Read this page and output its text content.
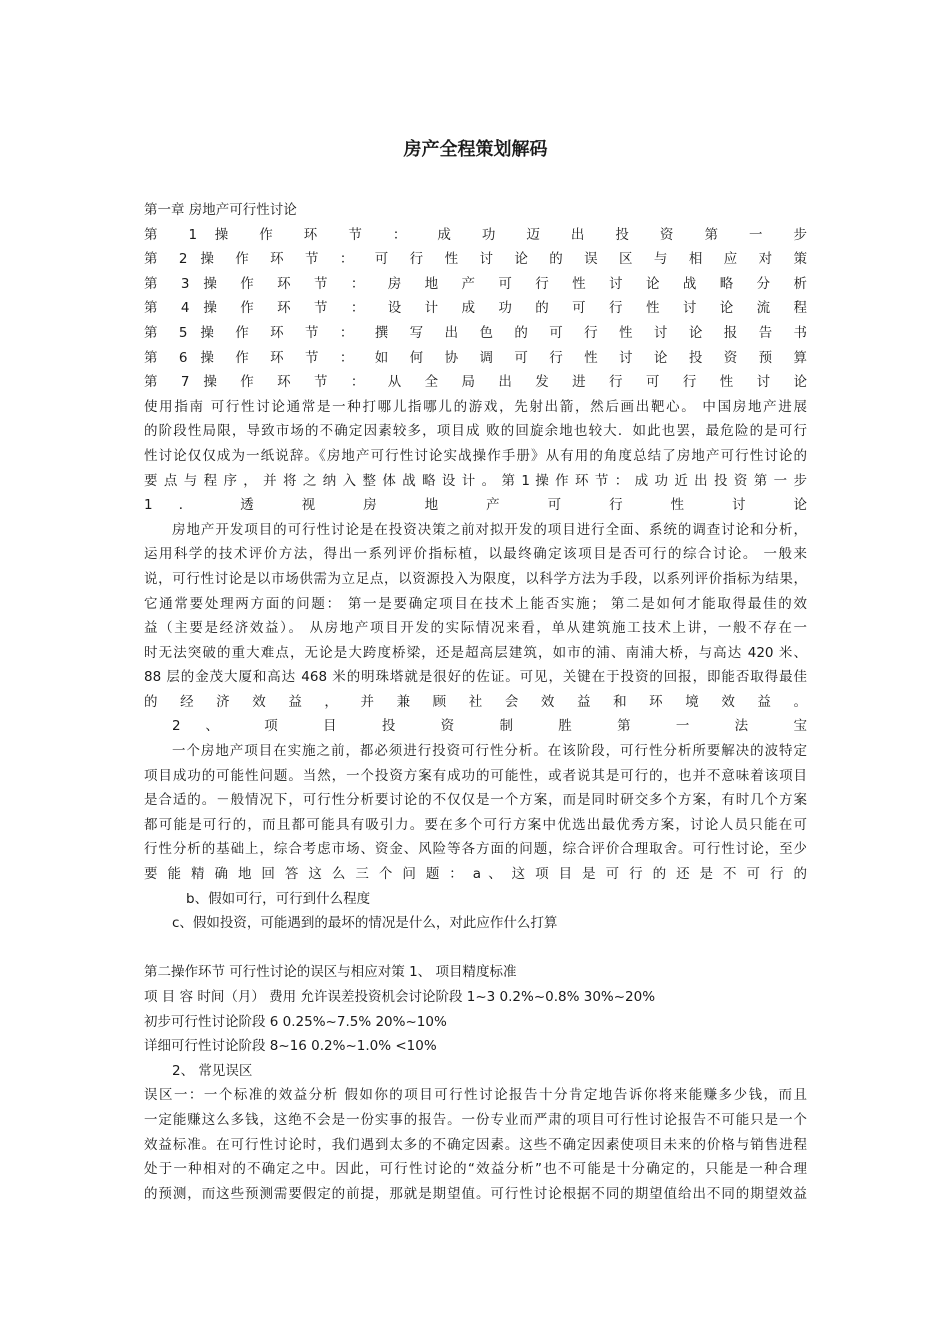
房产全程策划解码
第一章 房地产可行性讨论
第 1 操 作 环 节 ： 成 功 迈 出 投 资 第 一 步
第 2 操 作 环 节 ： 可 行 性 讨 论 的 误 区 与 相 应 对 策
第 3 操 作 环 节 ： 房 地 产 可 行 性 讨 论 战 略 分 析
第 4 操 作 环 节 ： 设 计 成 功 的 可 行 性 讨 论 流 程
第 5 操 作 环 节 ： 撰 写 出 色 的 可 行 性 讨 论 报 告 书
第 6 操 作 环 节 ： 如 何 协 调 可 行 性 讨 论 投 资 预 算
第 7 操 作 环 节 ： 从 全 局 出 发 进 行 可 行 性 讨 论
使用指南 可行性讨论通常是一种打哪儿指哪儿的游戏，先射出箭，然后画出靶心。 中国房地产进展
的阶段性局限，导致市场的不确定因素较多，项目成 败的回旋余地也较大．如此也罢，最危险的是可行
性讨论仅仅成为一纸说辞。《房地产可行性讨论实战操作手册》从有用的角度总结了房地产可行性讨论的
要 点 与 程 序 ， 并 将 之 纳 入 整 体 战 略 设 计 。 第 1 操 作 环 节 ： 成 功 近 出 投 资 第 一 步
1 ． 透 视 房 地 产 可 行 性 讨 论
房地产开发项目的可行性讨论是在投资决策之前对拟开发的项目进行全面、系统的调查讨论和分析，
运用科学的技术评价方法，得出一系列评价指标植，以最终确定该项目是否可行的综合讨论。 一般来
说，可行性讨论是以市场供需为立足点，以资源投入为限度，以科学方法为手段，以系列评价指标为结果，
它通常要处理两方面的问题： 第一是要确定项目在技术上能否实施； 第二是如何才能取得最佳的效
益（主要是经济效益）。 从房地产项目开发的实际情况来看，单从建筑施工技术上讲，一般不存在一
时无法突破的重大难点，无论是大跨度桥梁，还是超高层建筑，如市的浦、南浦大桥，与高达 420 米、
88 层的金茂大厦和高达 468 米的明珠塔就是很好的佐证。可见，关键在于投资的回报，即能否取得最佳
的 经 济 效 益 ， 并 兼 顾 社 会 效 益 和 环 境 效 益 。
2 、 项 目 投 资 制 胜 第 一 法 宝
一个房地产项目在实施之前，都必须进行投资可行性分析。在该阶段，可行性分析所要解决的波特定
项目成功的可能性问题。当然，一个投资方案有成功的可能性，或者说其是可行的，也并不意味着该项目
是合适的。－般情况下，可行性分析要讨论的不仅仅是一个方案，而是同时研交多个方案，有时几个方案
都可能是可行的，而且都可能具有吸引力。要在多个可行方案中优选出最优秀方案，讨论人员只能在可
行性分析的基础上，综合考虑市场、资金、风险等各方面的问题，综合评价合理取舍。可行性讨论，至少
要 能 精 确 地 回 答 这 么 三 个 问 题 ： a 、 这 项 目 是 可 行 的 还 是 不 可 行 的
b、假如可行，可行到什么程度
c、假如投资，可能遇到的最坏的情况是什么，对此应作什么打算
第二操作环节 可行性讨论的误区与相应对策 1、 项目精度标准
项 目 容 时间（月） 费用 允许误差投资机会讨论阶段 1~3 0.2%~0.8% 30%~20%
初步可行性讨论阶段 6 0.25%~7.5% 20%~10%
详细可行性讨论阶段 8~16 0.2%~1.0% <10%
2、 常见误区
误区一：一个标准的效益分析 假如你的项目可行性讨论报告十分肯定地告诉你将来能赚多少钱，而且
一定能赚这么多钱，这绝不会是一份实事的报告。一份专业而严肃的项目可行性讨论报告不可能只是一个
效益标准。在可行性讨论时，我们遇到太多的不确定因素。这些不确定因素使项目未来的价格与销售进程
处于一种相对的不确定之中。因此，可行性讨论的“效益分析”也不可能是十分确定的，只能是一种合理
的预测，而这些预测需要假定的前提，那就是期望值。可行性讨论根据不同的期望值给出不同的期望效益
